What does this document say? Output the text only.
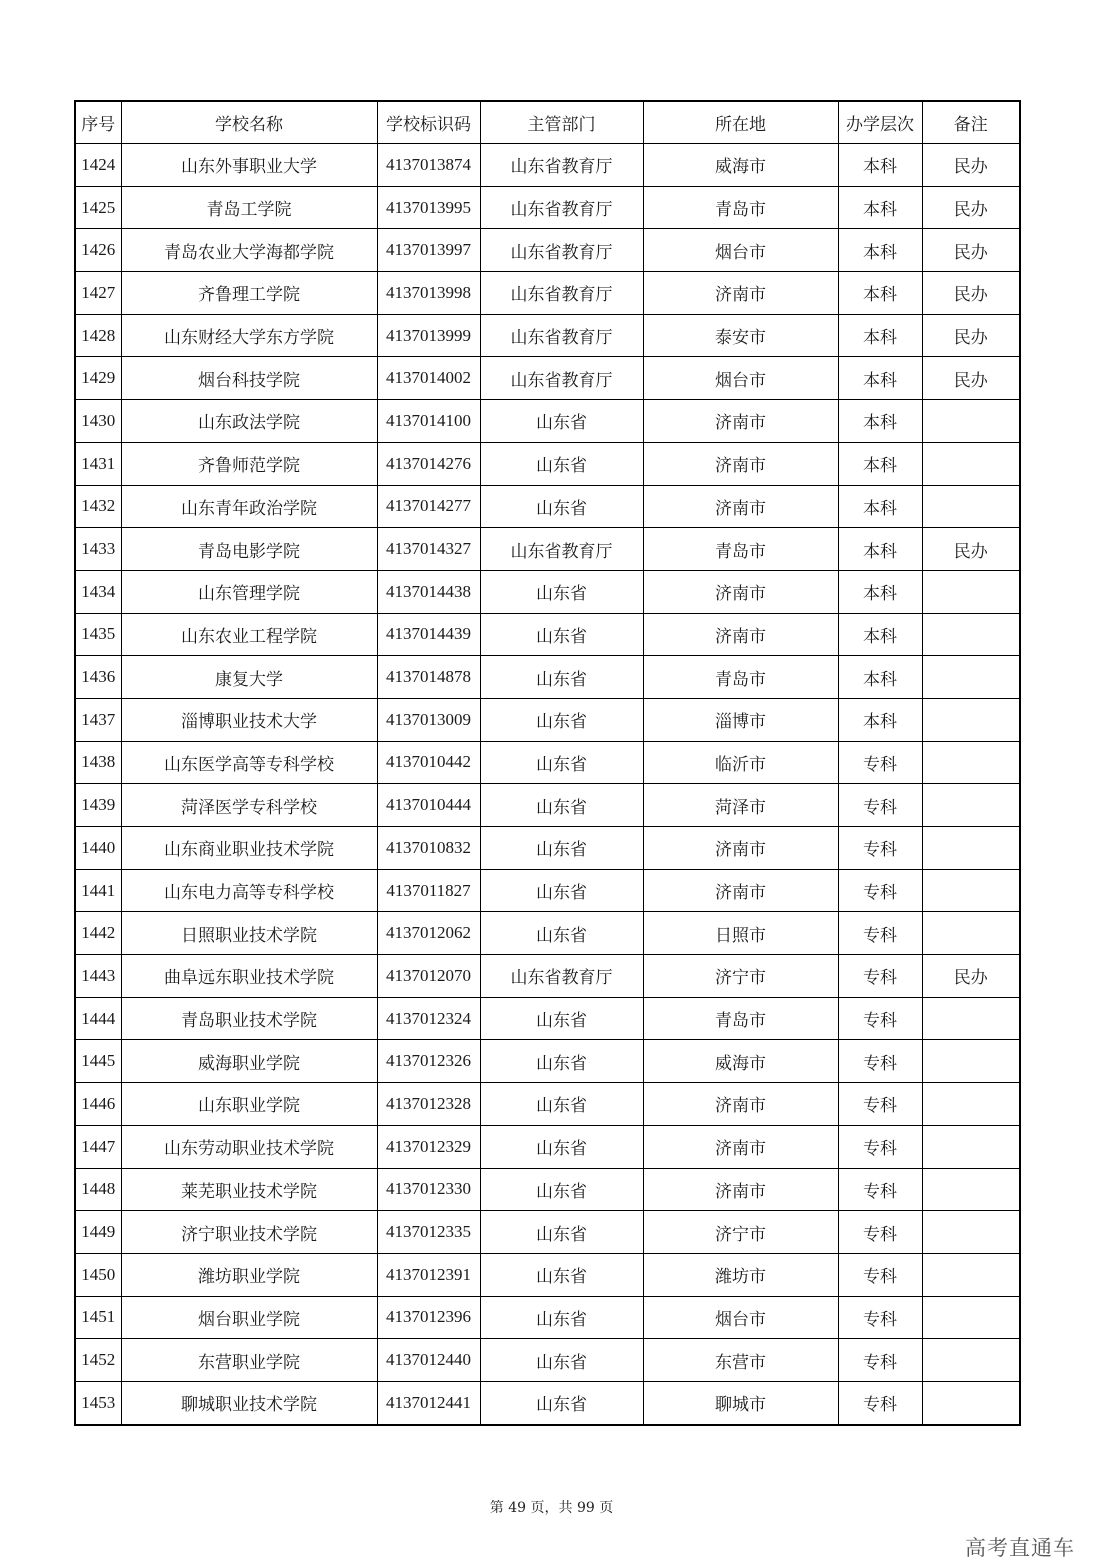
序号	学校名称	学校标识码	主管部门	所在地	办学层次	备注
1424	山东外事职业大学	4137013874	山东省教育厅	威海市	本科	民办
1425	青岛工学院	4137013995	山东省教育厅	青岛市	本科	民办
1426	青岛农业大学海都学院	4137013997	山东省教育厅	烟台市	本科	民办
1427	齐鲁理工学院	4137013998	山东省教育厅	济南市	本科	民办
1428	山东财经大学东方学院	4137013999	山东省教育厅	泰安市	本科	民办
1429	烟台科技学院	4137014002	山东省教育厅	烟台市	本科	民办
1430	山东政法学院	4137014100	山东省	济南市	本科	
1431	齐鲁师范学院	4137014276	山东省	济南市	本科	
1432	山东青年政治学院	4137014277	山东省	济南市	本科	
1433	青岛电影学院	4137014327	山东省教育厅	青岛市	本科	民办
1434	山东管理学院	4137014438	山东省	济南市	本科	
1435	山东农业工程学院	4137014439	山东省	济南市	本科	
1436	康复大学	4137014878	山东省	青岛市	本科	
1437	淄博职业技术大学	4137013009	山东省	淄博市	本科	
1438	山东医学高等专科学校	4137010442	山东省	临沂市	专科	
1439	菏泽医学专科学校	4137010444	山东省	菏泽市	专科	
1440	山东商业职业技术学院	4137010832	山东省	济南市	专科	
1441	山东电力高等专科学校	4137011827	山东省	济南市	专科	
1442	日照职业技术学院	4137012062	山东省	日照市	专科	
1443	曲阜远东职业技术学院	4137012070	山东省教育厅	济宁市	专科	民办
1444	青岛职业技术学院	4137012324	山东省	青岛市	专科	
1445	威海职业学院	4137012326	山东省	威海市	专科	
1446	山东职业学院	4137012328	山东省	济南市	专科	
1447	山东劳动职业技术学院	4137012329	山东省	济南市	专科	
1448	莱芜职业技术学院	4137012330	山东省	济南市	专科	
1449	济宁职业技术学院	4137012335	山东省	济宁市	专科	
1450	潍坊职业学院	4137012391	山东省	潍坊市	专科	
1451	烟台职业学院	4137012396	山东省	烟台市	专科	
1452	东营职业学院	4137012440	山东省	东营市	专科	
1453	聊城职业技术学院	4137012441	山东省	聊城市	专科	
第 49 页，共 99 页
高考直通车
